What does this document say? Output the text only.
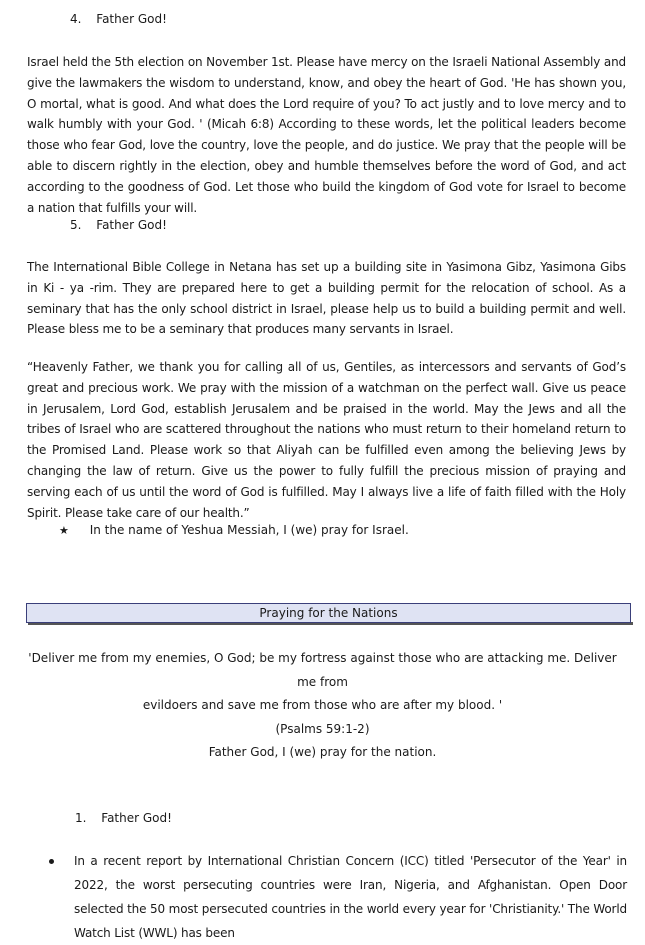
4. Father God!

Israel held the 5th election on November 1st. Please have mercy on the Israeli National Assembly and give the lawmakers the wisdom to understand, know, and obey the heart of God. 'He has shown you, O mortal, what is good. And what does the Lord require of you? To act justly and to love mercy and to walk humbly with your God. ' (Micah 6:8) According to these words, let the political leaders become those who fear God, love the country, love the people, and do justice. We pray that the people will be able to discern rightly in the election, obey and humble themselves before the word of God, and act according to the goodness of God. Let those who build the kingdom of God vote for Israel to become a nation that fulfills your will.

5. Father God!

The International Bible College in Netana has set up a building site in Yasimona Gibz, Yasimona Gibs in Ki - ya -rim. They are prepared here to get a building permit for the relocation of school. As a seminary that has the only school district in Israel, please help us to build a building permit and well. Please bless me to be a seminary that produces many servants in Israel.

“Heavenly Father, we thank you for calling all of us, Gentiles, as intercessors and servants of God’s great and precious work. We pray with the mission of a watchman on the perfect wall. Give us peace in Jerusalem, Lord God, establish Jerusalem and be praised in the world. May the Jews and all the tribes of Israel who are scattered throughout the nations who must return to their homeland return to the Promised Land. Please work so that Aliyah can be fulfilled even among the believing Jews by changing the law of return. Give us the power to fully fulfill the precious mission of praying and serving each of us until the word of God is fulfilled. May I always live a life of faith filled with the Holy Spirit. Please take care of our health.”

★ In the name of Yeshua Messiah, I (we) pray for Israel.
Praying for the Nations
'Deliver me from my enemies, O God; be my fortress against those who are attacking me. Deliver me from
evildoers and save me from those who are after my blood. '
(Psalms 59:1-2)
Father God, I (we) pray for the nation.
1. Father God!

In a recent report by International Christian Concern (ICC) titled 'Persecutor of the Year' in 2022, the worst persecuting countries were Iran, Nigeria, and Afghanistan. Open Door selected the 50 most persecuted countries in the world every year for 'Christianity.' The World Watch List (WWL) has been
